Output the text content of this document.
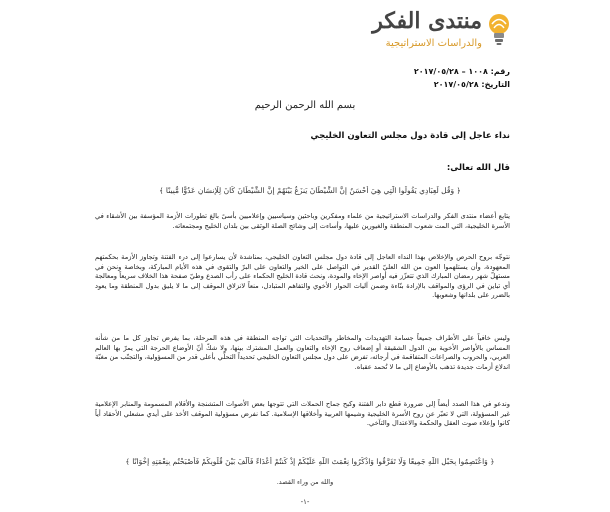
منتدى الفكر
والدراسات الاستراتيجية
رقم: ١٠٠٨ – ٢٠١٧/٠٥/٢٨
التاريخ: ٢٠١٧/٠٥/٢٨
بسم الله الرحمن الرحيم
نداء عاجل إلى قادة دول مجلس التعاون الخليجي
قال الله تعالى:
﴿ وَقُل لِّعِبَادِي يَقُولُوا الَّتِي هِيَ أَحْسَنُ إِنَّ الشَّيْطَانَ يَنزَغُ بَيْنَهُمْ إِنَّ الشَّيْطَانَ كَانَ لِلْإِنسَانِ عَدُوًّا مُّبِينًا ﴾
يتابع أعضاء منتدى الفكر والدراسات الاستراتيجية من علماء ومفكرين وباحثين وسياسيين وإعلاميين بأسىً بالغ تطورات الأزمة المؤسفة بين الأشقاء في الأسرة الخليجية، التي المت شعوب المنطقة والغيورين عليها، وأساءت إلى وشائج الصلة الوثقى بين بلدان الخليج ومجتمعاته.
نتوجّه بروح الحرص والإخلاص بهذا النداء العاجل إلى قادة دول مجلس التعاون الخليجي، بمناشدة لأن يسارعوا إلى درء الفتنة وتجاوز الأزمة بحكمتهم المعهودة، وأن يستلهموا العون من الله العليّ القدير في التواصل على الخير والتعاون على البرّ والتقوى في هذه الأيام المباركة، وبخاصة ونحن في مستهلّ شهر رمضان المبارك الذي تتعزّز فيه أواصر الإخاء والمودة، ونحث قادة الخليج الحكماء على رأب الصدع وطيّ صفحة هذا الخلاف سريعاً ومعالجة أي تباين في الرؤى والمواقف بالإرادة بنّاءة وضمن آليات الحوار الأخوي والتفاهم المتبادل، منعاً لانزلاق الموقف إلى ما لا يليق بدول المنطقة وما يعود بالضرر على بلدانها وشعوبها.
وليس خافياً على الأطراف جميعاً جسامة التهديدات والمخاطر والتحديات التي تواجه المنطقة في هذه المرحلة، بما يفرض تجاوز كل ما من شأنه المساس بالأواصر الأخوية بين الدول الشقيقة أو إضعاف روح الإخاء والتعاون والعمل المشترك بينها، ولا شكّ أنّ الأوضاع الحرجة التي يمرّ بها العالم العربي، والحروب والصراعات المتفاقمة في أرجائه، تفرض على دول مجلس التعاون الخليجي تحديداً التحلّي بأعلى قدر من المسؤولية، والتجنّب من مغبّة اندلاع أزمات جديدة تذهب بالأوضاع إلى ما لا تُحمد عقباه.
وندعو في هذا الصدد أيضاً إلى ضرورة قطع دابر الفتنة وكبح جماح الحملات التي تتوجها بعض الأصوات المتشنجة والأقلام المسمومة والمنابر الإعلامية غير المسؤولة، التي لا تعبّر عن روح الأسرة الخليجية وشيمها العربية وأخلاقها الإسلامية. كما نفرض مسؤولية الموقف الأخذ على أيدي مشعلي الأحقاد أياً كانوا وإعلاء صوت العقل والحكمة والاعتدال والتآخي.
﴿ وَاعْتَصِمُوا بِحَبْلِ اللَّهِ جَمِيعًا وَلَا تَفَرَّقُوا وَاذْكُرُوا نِعْمَتَ اللَّهِ عَلَيْكُمْ إِذْ كُنتُمْ أَعْدَاءً فَأَلَّفَ بَيْنَ قُلُوبِكُمْ فَأَصْبَحْتُم بِنِعْمَتِهِ إِخْوَانًا ﴾
والله من وراء القصد.
-١-
